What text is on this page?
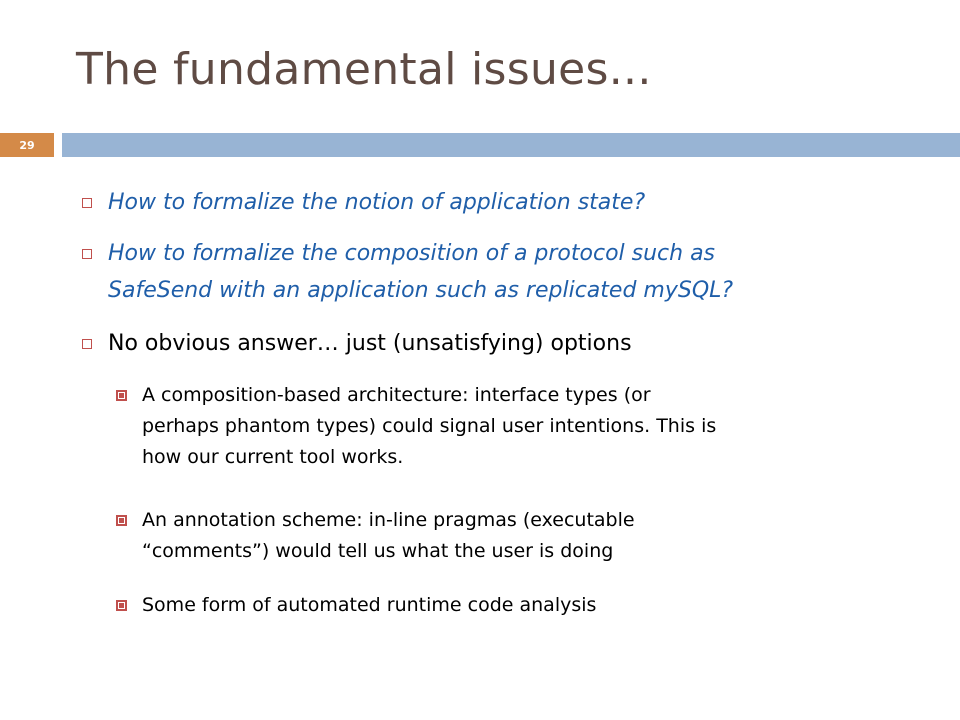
The fundamental issues...
29
How to formalize the notion of application state?
How to formalize the composition of a protocol such as
SafeSend with an application such as replicated mySQL?
No obvious answer… just (unsatisfying) options
A composition-based architecture: interface types (or
perhaps phantom types) could signal user intentions. This is
how our current tool works.
An annotation scheme: in-line pragmas (executable
“comments”) would tell us what the user is doing
Some form of automated runtime code analysis
